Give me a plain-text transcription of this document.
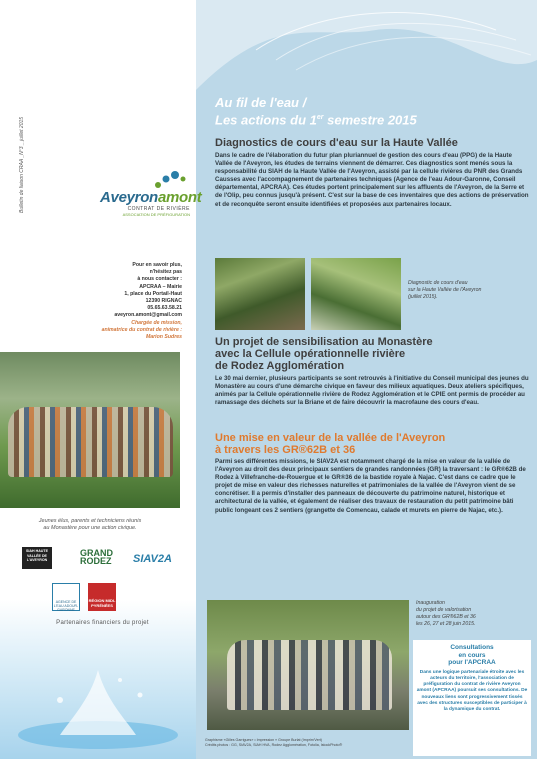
Bulletin de liaison CRAA _N°3 _ juillet 2015	Aveyronamont
CONTRAT DE RIVIÈRE
ASSOCIATION DE PRÉFIGURATION
Pour en savoir plus,
n'hésitez pas
à nous contacter :
APCRAA – Mairie
1, place du Portail-Haut
12390 RIGNAC
05.65.63.58.21
aveyron.amont@gmail.com
Chargée de mission,
animatrice du contrat de rivière :
Marion Sudres
Jeunes élus, parents et techniciens réunis
au Monastère pour une action civique.
SIAH HAUTE VALLÉE DE L'AVEYRON
GRAND
RODEZ SIAV2A
AGENCE DE L'EAU ADOUR-GARONNE
RÉGION MIDI-PYRÉNÉES
Partenaires financiers du projet
Au fil de l'eau /
Les actions du 1er semestre 2015
Diagnostics de cours d'eau sur la Haute Vallée

Dans le cadre de l'élaboration du futur plan pluriannuel de gestion des cours d'eau (PPG) de la Haute Vallée de l'Aveyron, les études de terrains viennent de démarrer. Ces diagnostics sont menés sous la responsabilité du SIAH de la Haute Vallée de l'Aveyron, assisté par la cellule rivières du PNR des Grands Causses avec l'accompagnement de partenaires techniques (Agence de l'eau Adour-Garonne, Conseil départemental, APCRAA). Ces études portent principalement sur les affluents de l'Aveyron, de la Serre et de l'Olip, peu connus jusqu'à présent. C'est sur la base de ces inventaires que des actions de préservation et de reconquête seront ensuite identifiées et proposées aux partenaires locaux.

Diagnostic de cours d'eau
sur la Haute Vallée de l'Aveyron
(juillet 2015).
Un projet de sensibilisation au Monastère
avec la Cellule opérationnelle rivière
de Rodez Agglomération

Le 30 mai dernier, plusieurs participants se sont retrouvés à l'initiative du Conseil municipal des jeunes du Monastère au cours d'une démarche civique en faveur des milieux aquatiques. Deux ateliers spécifiques, animés par la Cellule opérationnelle rivière de Rodez Agglomération et le CPIE ont permis de procéder au ramassage des déchets sur la Briane et de faire découvrir la macrofaune des cours d'eau.

Une mise en valeur de la vallée de l'Aveyron
à travers les GR®62B et 36

Parmi ses différentes missions, le SIAV2A est notamment chargé de la mise en valeur de la vallée de l'Aveyron au droit des deux principaux sentiers de grandes randonnées (GR) la traversant : le GR®62B de Rodez à Villefranche-de-Rouergue et le GR®36 de la bastide royale à Najac. C'est dans ce cadre que le projet de mise en valeur des richesses naturelles et patrimoniales de la vallée de l'Aveyron vient de se concrétiser. Il a permis d'installer des panneaux de découverte du patrimoine naturel, historique et architectural de la vallée, et également de réaliser des travaux de restauration du petit patrimoine bâti public longeant ces 2 sentiers (grangette de Comencau, calade et murets en pierre de Najac, etc.).

Inauguration
du projet de valorisation
autour des GR®62B et 36
les 26, 27 et 28 juin 2015.
Consultations
en cours
pour l'APCRAA
Dans une logique partenariale étroite avec les acteurs du territoire, l'association de préfiguration du contrat de rivière Aveyron amont (APCRAA) poursuit ses consultations. De nouveaux liens sont progressivement tissés avec des structures susceptibles de participer à la dynamique du contrat.
Graphisme «Gilles Garrigues» • Impression « Groupe Burlat (Imprim'Vert)
Crédits photos : GG, SIAV2A, SIAH HVA, Rodez Agglomération, Fotolia, IstockPhoto®
